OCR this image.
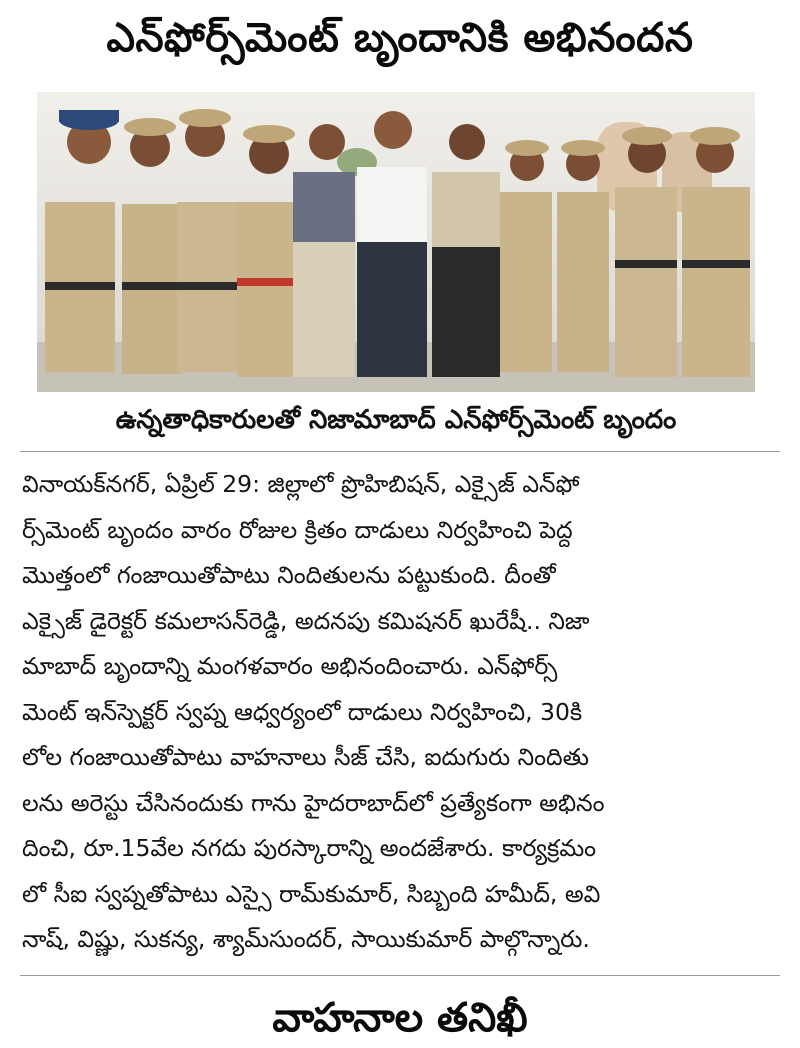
ఎన్‌ఫోర్స్‌మెంట్ బృందానికి అభినందన
ఉన్నతాధికారులతో నిజామాబాద్ ఎన్‌ఫోర్స్‌మెంట్ బృందం
వినాయక్‌నగర్, ఏప్రిల్ 29: జిల్లాలో ప్రొహిబిషన్, ఎక్సైజ్ ఎన్‌ఫో
ర్స్‌మెంట్ బృందం వారం రోజుల క్రితం దాడులు నిర్వహించి పెద్ద
మొత్తంలో గంజాయితోపాటు నిందితులను పట్టుకుంది. దీంతో
ఎక్సైజ్ డైరెక్టర్ కమలాసన్‌రెడ్డి, అదనపు కమిషనర్ ఖురేషీ.. నిజా
మాబాద్ బృందాన్ని మంగళవారం అభినందించారు. ఎన్‌ఫోర్స్
మెంట్ ఇన్‌స్పెక్టర్ స్వప్న ఆధ్వర్యంలో దాడులు నిర్వహించి, 30కి
లోల గంజాయితోపాటు వాహనాలు సీజ్ చేసి, ఐదుగురు నిందితు
లను అరెస్టు చేసినందుకు గాను హైదరాబాద్‌లో ప్రత్యేకంగా అభినం
దించి, రూ.15వేల నగదు పురస్కారాన్ని అందజేశారు. కార్యక్రమం
లో సీఐ స్వప్నతోపాటు ఎస్సై రామ్‌కుమార్, సిబ్బంది హమీద్, అవి
నాష్, విష్ణు, సుకన్య, శ్యామ్‌సుందర్, సాయికుమార్ పాల్గొన్నారు.
వాహనాల తనిఖీ
